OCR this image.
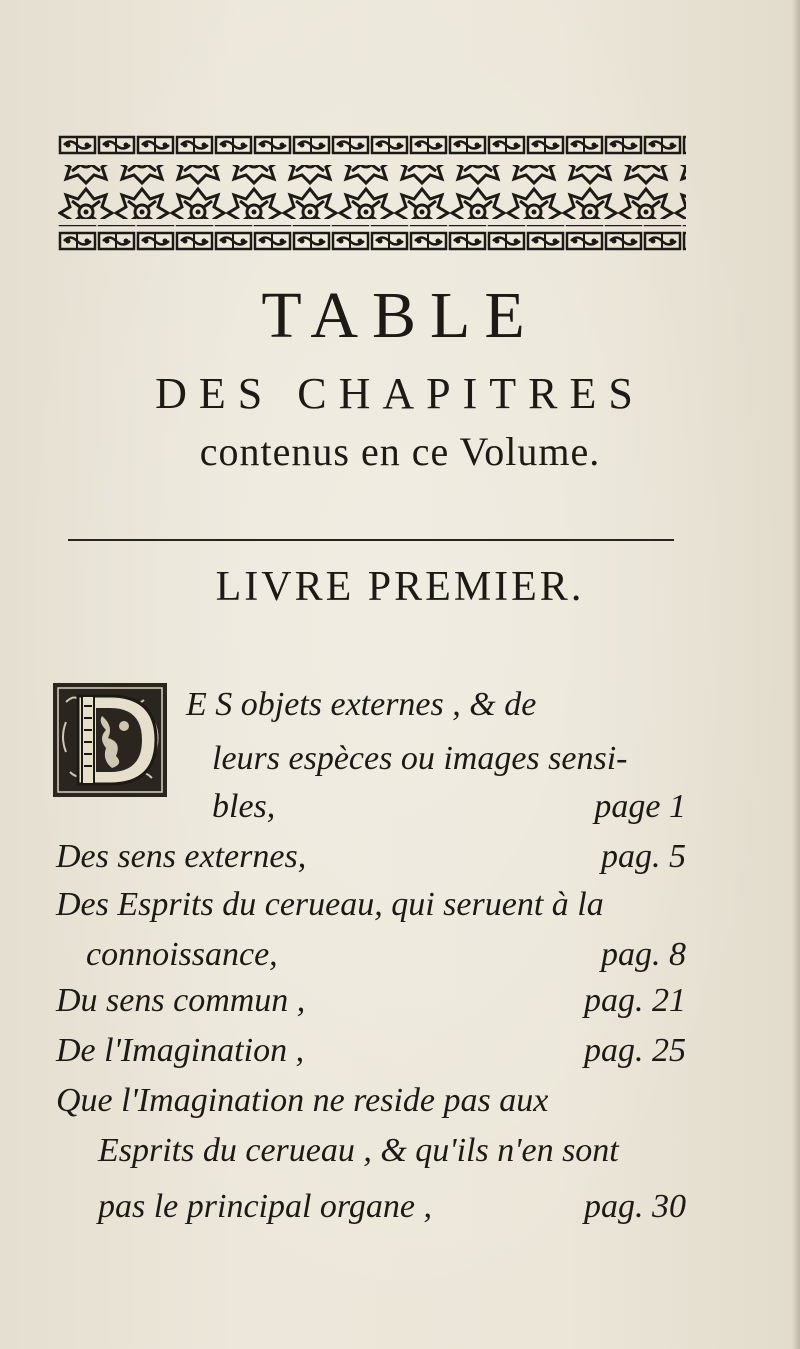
TABLE
DES CHAPITRES
contenus en ce Volume.
LIVRE PREMIER.
E S objets externes , & de
leurs espèces ou images sensi-
bles,	page 1
Des sens externes,	pag. 5
Des Esprits du cerueau, qui seruent à la
connoissance,	pag. 8
Du sens commun ,	pag. 21
De l'Imagination ,	pag. 25
Que l'Imagination ne reside pas aux
Esprits du cerueau , & qu'ils n'en sont
pas le principal organe ,	pag. 30
